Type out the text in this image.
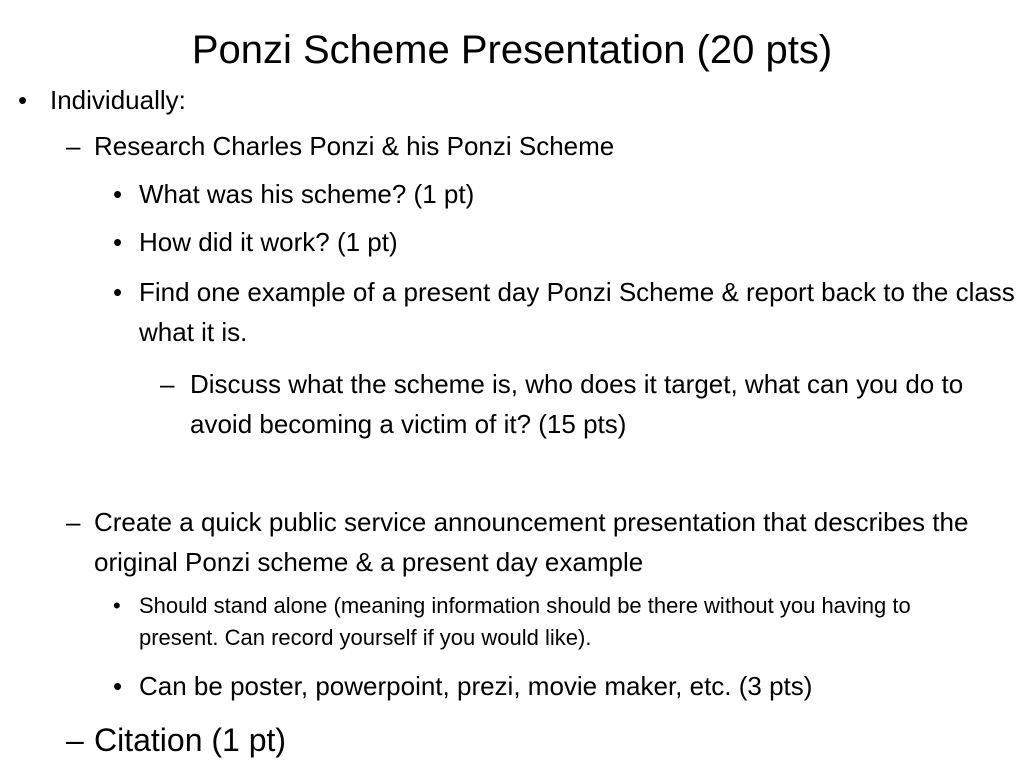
Ponzi Scheme Presentation (20 pts)
• Individually:
– Research Charles Ponzi & his Ponzi Scheme
• What was his scheme? (1 pt)
• How did it work? (1 pt)
• Find one example of a present day Ponzi Scheme & report back to the class what it is.
– Discuss what the scheme is, who does it target, what can you do to avoid becoming a victim of it? (15 pts)
– Create a quick public service announcement presentation that describes the original Ponzi scheme & a present day example
• Should stand alone (meaning information should be there without you having to present. Can record yourself if you would like).
• Can be poster, powerpoint, prezi, movie maker, etc. (3 pts)
– Citation (1 pt)
